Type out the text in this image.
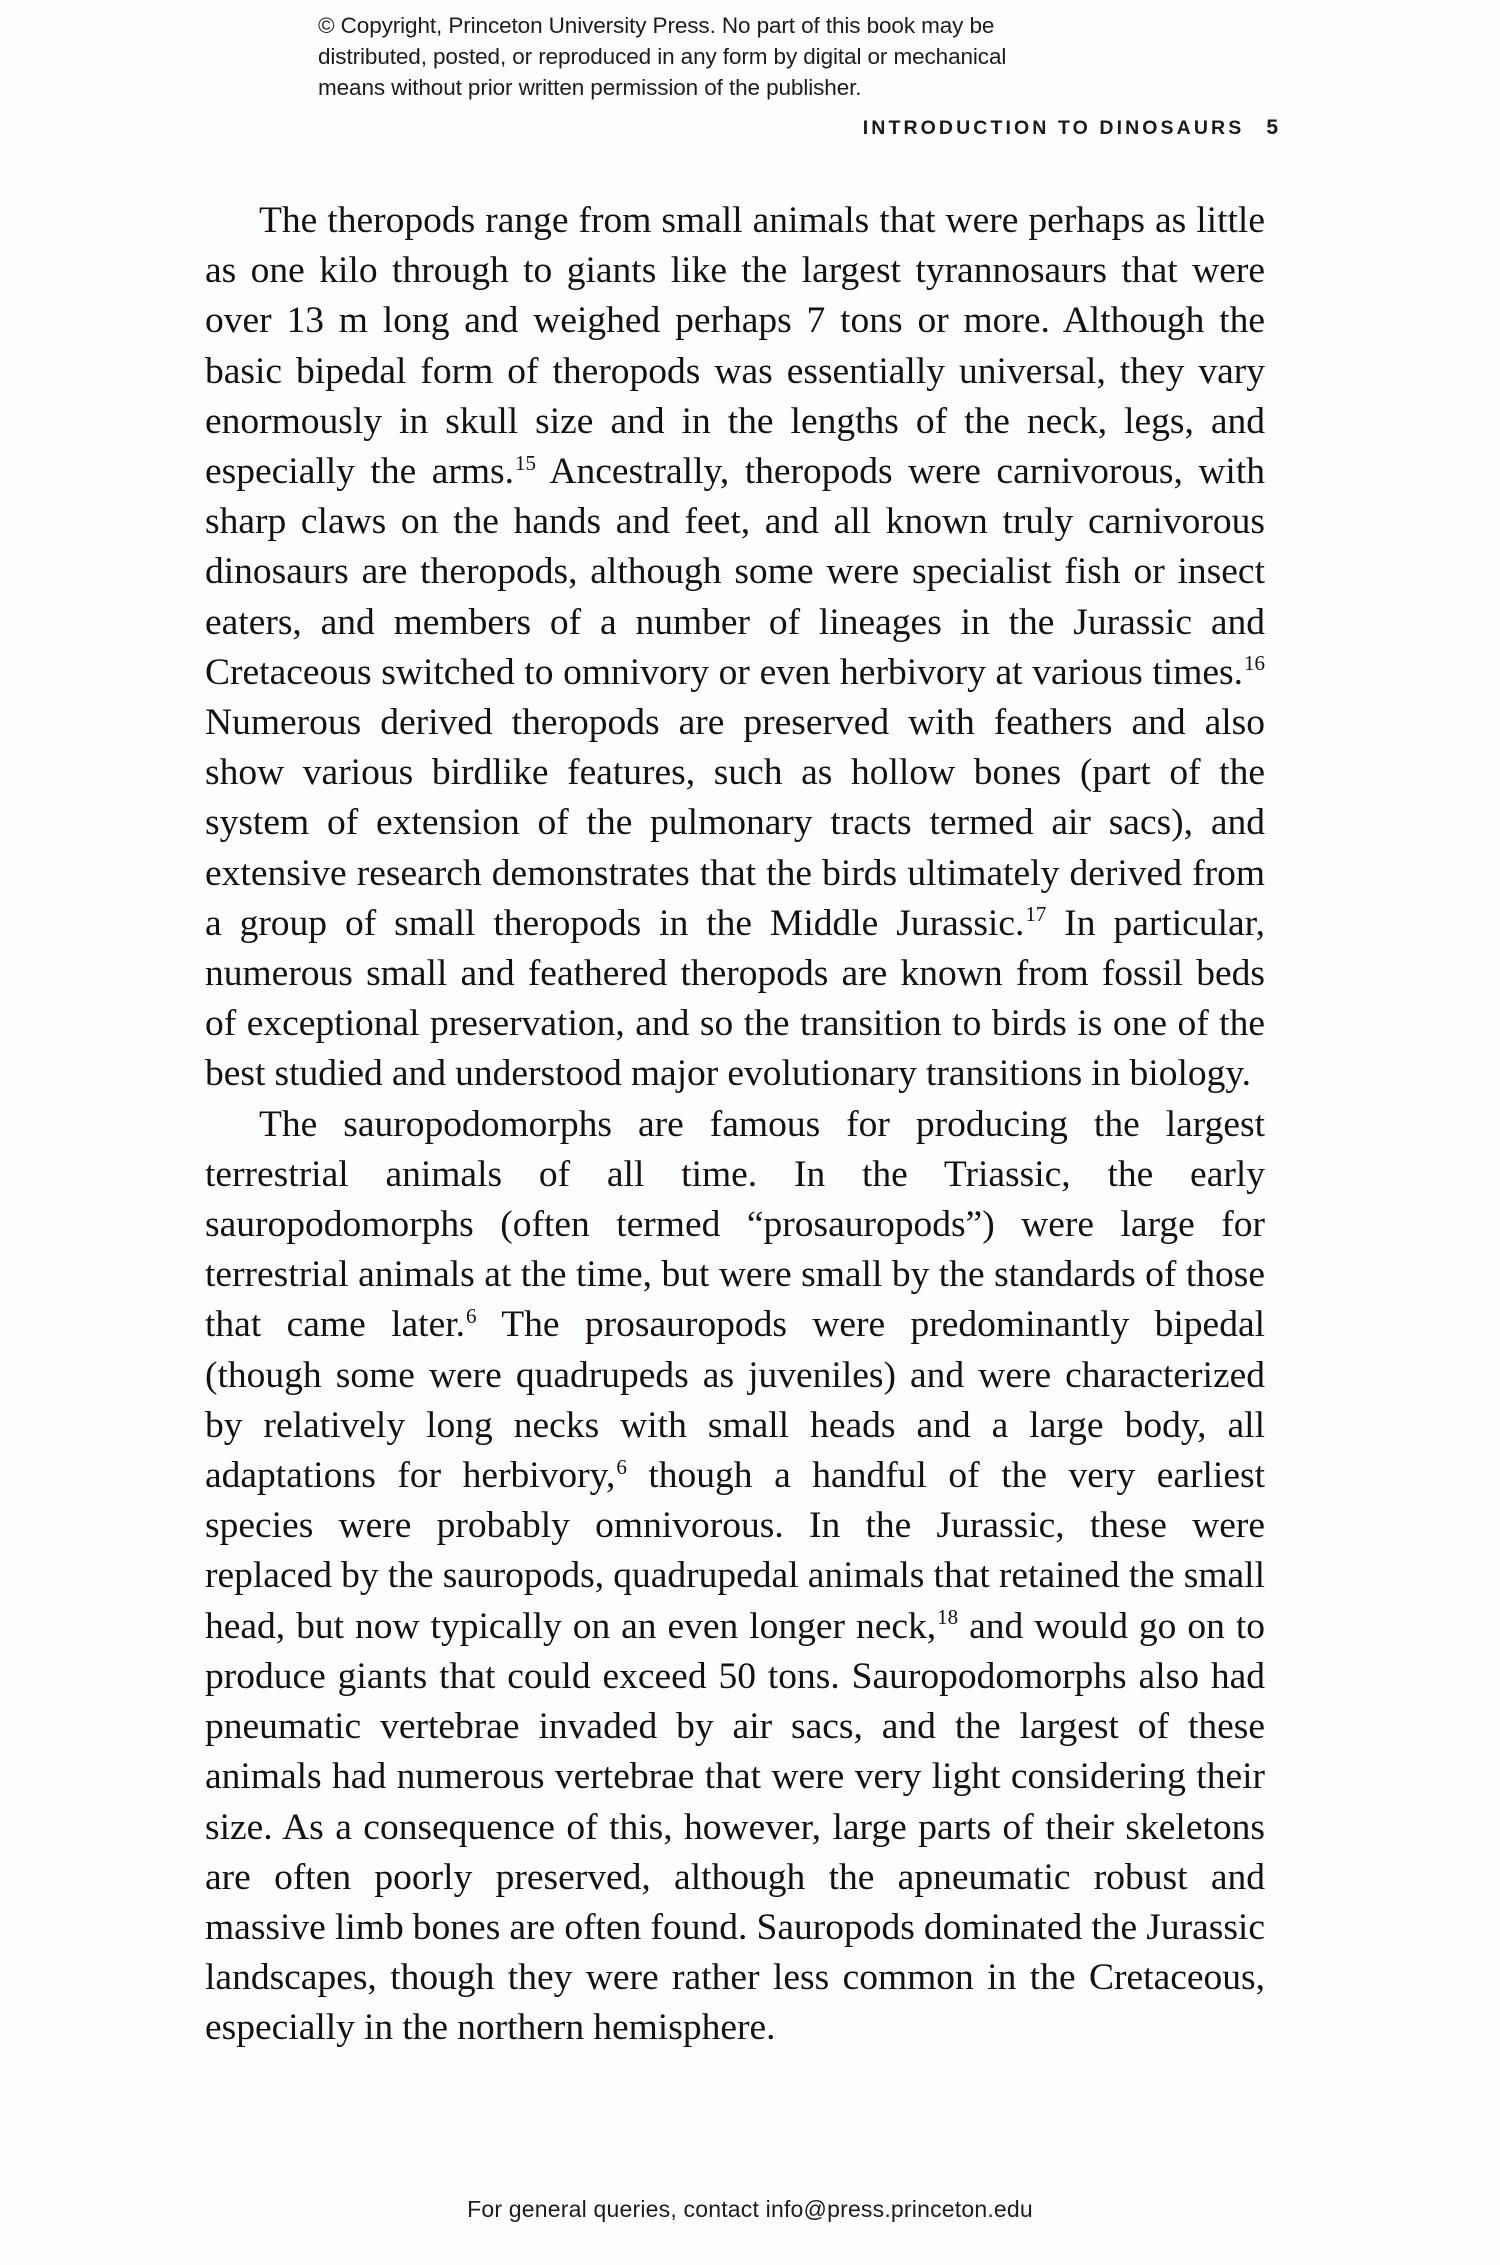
© Copyright, Princeton University Press. No part of this book may be
distributed, posted, or reproduced in any form by digital or mechanical
means without prior written permission of the publisher.
INTRODUCTION TO DINOSAURS 5

The theropods range from small animals that were perhaps as little as one kilo through to giants like the largest tyrannosaurs that were over 13 m long and weighed perhaps 7 tons or more. Although the basic bipedal form of theropods was essentially universal, they vary enormously in skull size and in the lengths of the neck, legs, and especially the arms.$^{15}$ Ancestrally, theropods were carnivorous, with sharp claws on the hands and feet, and all known truly carnivorous dinosaurs are theropods, although some were specialist fish or insect eaters, and members of a number of lineages in the Jurassic and Cretaceous switched to omnivory or even herbivory at various times.$^{16}$ Numerous derived theropods are preserved with feathers and also show various birdlike features, such as hollow bones (part of the system of extension of the pulmonary tracts termed air sacs), and extensive research demonstrates that the birds ultimately derived from a group of small theropods in the Middle Jurassic.$^{17}$ In particular, numerous small and feathered theropods are known from fossil beds of exceptional preservation, and so the transition to birds is one of the best studied and understood major evolutionary transitions in biology.

The sauropodomorphs are famous for producing the largest terrestrial animals of all time. In the Triassic, the early sauropodomorphs (often termed “prosauropods”) were large for terrestrial animals at the time, but were small by the standards of those that came later.$^6$ The prosauropods were predominantly bipedal (though some were quadrupeds as juveniles) and were characterized by relatively long necks with small heads and a large body, all adaptations for herbivory,$^6$ though a handful of the very earliest species were probably omnivorous. In the Jurassic, these were replaced by the sauropods, quadrupedal animals that retained the small head, but now typically on an even longer neck,$^{18}$ and would go on to produce giants that could exceed 50 tons. Sauropodomorphs also had pneumatic vertebrae invaded by air sacs, and the largest of these animals had numerous vertebrae that were very light considering their size. As a consequence of this, however, large parts of their skeletons are often poorly preserved, although the apneumatic robust and massive limb bones are often found. Sauropods dominated the Jurassic landscapes, though they were rather less common in the Cretaceous, especially in the northern hemisphere.

For general queries, contact info@press.princeton.edu
